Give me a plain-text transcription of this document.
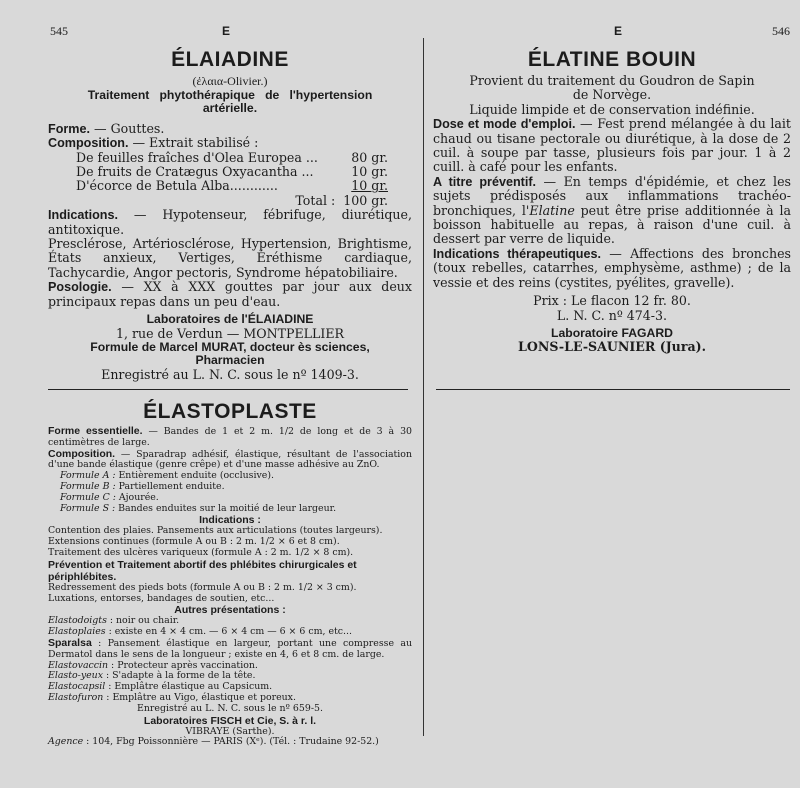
545	E	E	546
ÉLAIADINE
(ἐλαια-Olivier.)
Traitement   phytothérapique   de   l'hypertension
artérielle.

Forme. — Gouttes.

Composition. — Extrait stabilisé :

De feuilles fraîches d'Olea Europea ...	80 gr.
De fruits de Cratægus Oxyacantha ...	10 gr.
D'écorce de Betula Alba............	10 gr.
Total : 100 gr.

Indications. — Hypotenseur, fébrifuge, diurétique, antitoxique.

Presclérose, Artériosclérose, Hypertension, Brightisme, États anxieux, Vertiges, Éréthisme cardiaque, Tachycardie, Angor pectoris, Syndrome hépatobiliaire.

Posologie. — XX à XXX gouttes par jour aux deux principaux repas dans un peu d'eau.

Laboratoires de l'ÉLAIADINE
1, rue de Verdun — MONTPELLIER
Formule de Marcel MURAT, docteur ès sciences,
Pharmacien
Enregistré au L. N. C. sous le nº 1409-3.
ÉLATINE BOUIN
Provient du traitement du Goudron de Sapin
de Norvège.
Liquide limpide et de conservation indéfinie.

Dose et mode d'emploi. — Fest prend mélangée à du lait chaud ou tisane pectorale ou diurétique, à la dose de 2 cuil. à soupe par tasse, plusieurs fois par jour. 1 à 2 cuill. à café pour les enfants.

A titre préventif. — En temps d'épidémie, et chez les sujets prédisposés aux inflammations trachéo-bronchiques, l'Elatine peut être prise additionnée à la boisson habituelle au repas, à raison d'une cuil. à dessert par verre de liquide.

Indications thérapeutiques. — Affections des bronches (toux rebelles, catarrhes, emphysème, asthme) ; de la vessie et des reins (cystites, pyélites, gravelle).

Prix : Le flacon 12 fr. 80.
L. N. C. nº 474-3.
Laboratoire FAGARD
LONS-LE-SAUNIER (Jura).
ÉLASTOPLASTE

Forme essentielle. — Bandes de 1 et 2 m. 1/2 de long et de 3 à 30 centimètres de large.

Composition. — Sparadrap adhésif, élastique, résultant de l'association d'une bande élastique (genre crêpe) et d'une masse adhésive au ZnO.

Formule A : Entièrement enduite (occlusive).
Formule B : Partiellement enduite.
Formule C : Ajourée.
Formule S : Bandes enduites sur la moitié de leur largeur.
Indications :
Contention des plaies. Pansements aux articulations (toutes largeurs).
Extensions continues (formule A ou B : 2 m. 1/2 × 6 et 8 cm).
Traitement des ulcères variqueux (formule A : 2 m. 1/2 × 8 cm).
Prévention et Traitement abortif des phlébites chirurgicales et périphlébites.
Redressement des pieds bots (formule A ou B : 2 m. 1/2 × 3 cm).
Luxations, entorses, bandages de soutien, etc...
Autres présentations :
Elastodoigts : noir ou chair.
Elastoplaies : existe en 4 × 4 cm. — 6 × 4 cm — 6 × 6 cm, etc...

Sparalsa : Pansement élastique en largeur, portant une compresse au Dermatol dans le sens de la longueur ; existe en 4, 6 et 8 cm. de large.

Elastovaccin : Protecteur après vaccination.
Elasto-yeux : S'adapte à la forme de la tête.
Elastocapsil : Emplâtre élastique au Capsicum.
Elastofuron : Emplâtre au Vigo, élastique et poreux.
Enregistré au L. N. C. sous le nº 659-5.
Laboratoires FISCH et Cie, S. à r. l.
VIBRAYE (Sarthe).
Agence : 104, Fbg Poissonnière — PARIS (Xᵉ). (Tél. : Trudaine 92-52.)
